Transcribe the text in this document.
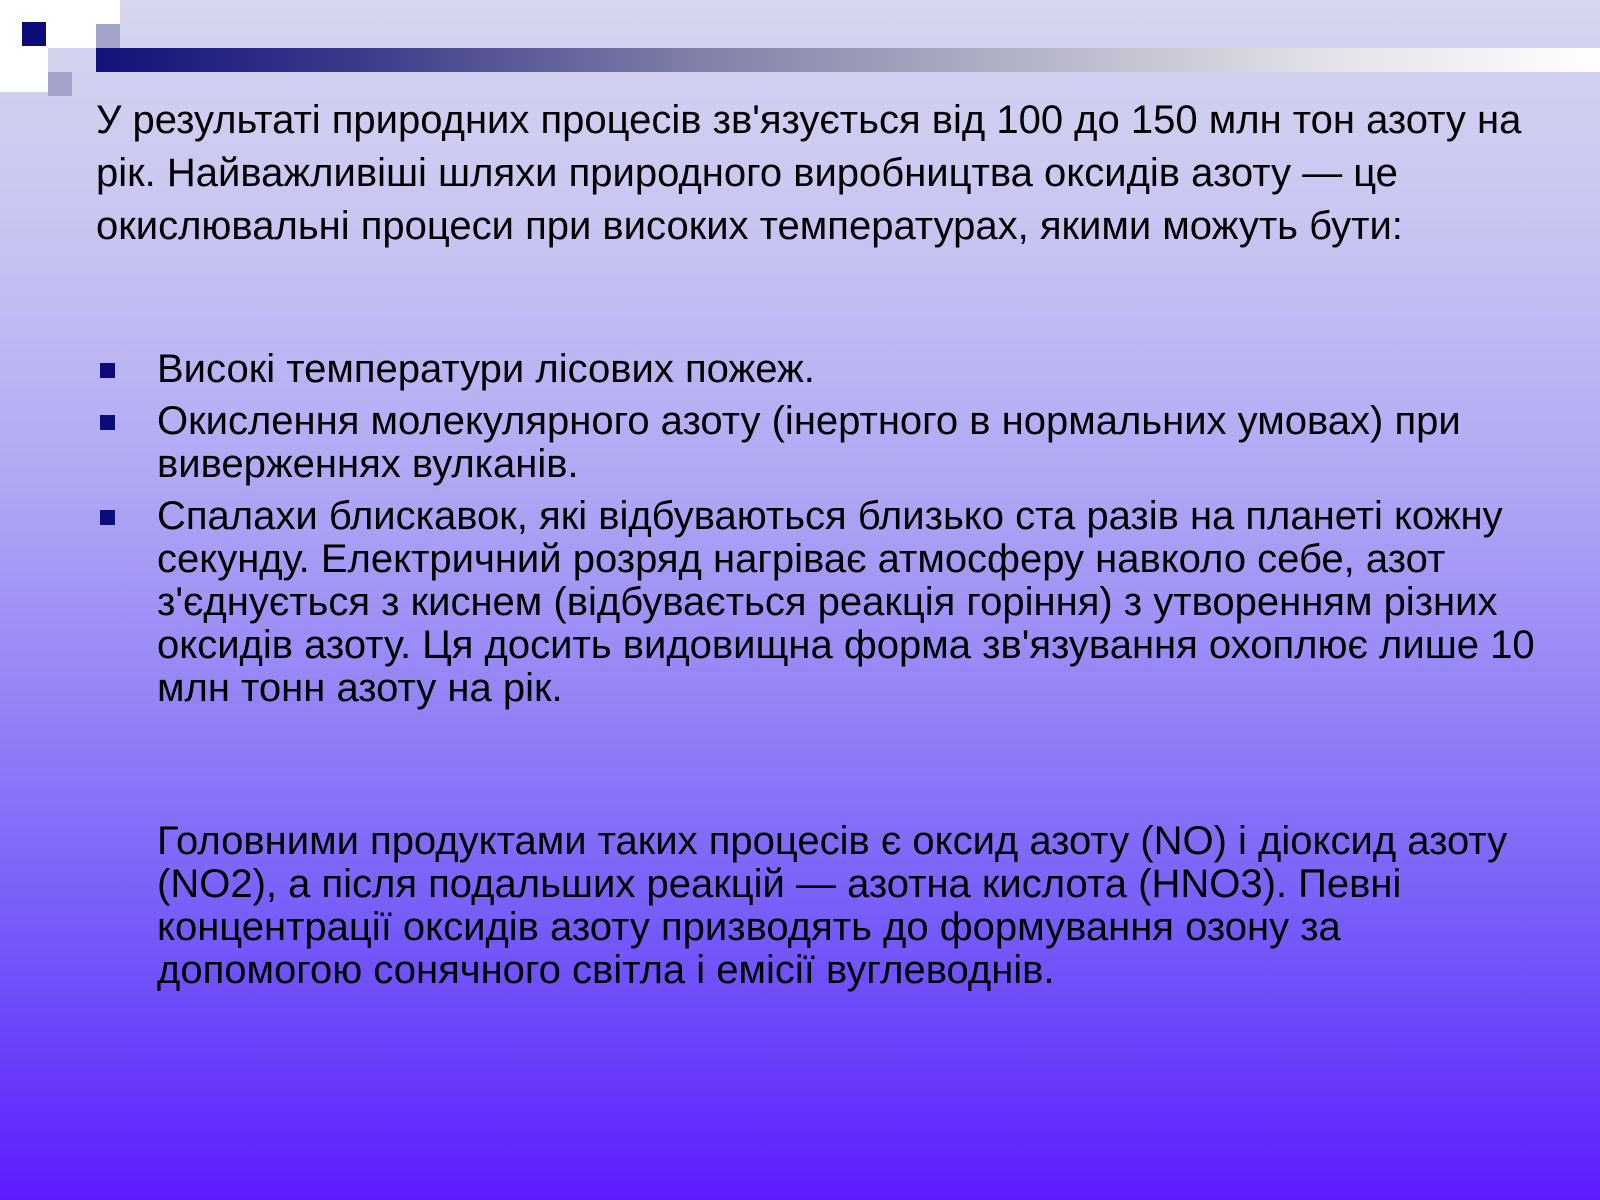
У результаті природних процесів зв'язується від 100 до 150 млн тон азоту на рік. Найважливіші шляхи природного виробництва оксидів азоту — це окислювальні процеси при високих температурах, якими можуть бути:

Високі температури лісових пожеж.
Окислення молекулярного азоту (інертного в нормальних умовах) при виверженнях вулканів.
Спалахи блискавок, які відбуваються близько ста разів на планеті кожну секунду. Електричний розряд нагріває атмосферу навколо себе, азот з'єднується з киснем (відбувається реакція горіння) з утворенням різних оксидів азоту. Ця досить видовищна форма зв'язування охоплює лише 10 млн тонн азоту на рік.

Головними продуктами таких процесів є оксид азоту (NO) і діоксид азоту (NO2), а після подальших реакцій — азотна кислота (HNO3). Певні концентрації оксидів азоту призводять до формування озону за допомогою сонячного світла і емісії вуглеводнів.
